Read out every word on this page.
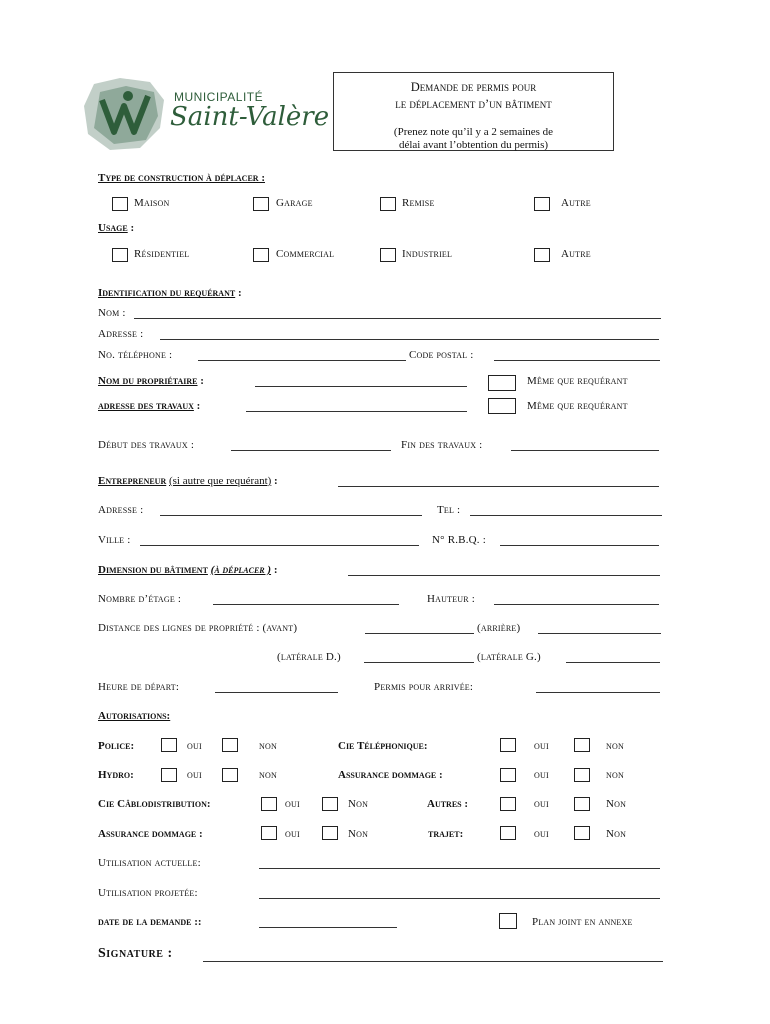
MUNICIPALITÉ
Saint-Valère
Demande de permis pour
le déplacement d’un bâtiment
(Prenez note qu’il y a 2 semaines de
délai avant l’obtention du permis)
Type de construction à déplacer :
Maison	Garage	Remise	Autre
Usage :
Résidentiel	Commercial	Industriel	Autre
Identification du requérant :
Nom :
Adresse :
No. téléphone :	Code postal :
Nom du propriétaire :	Même que requérant
adresse des travaux :	Même que requérant
Début des travaux :	Fin des travaux :
Entrepreneur (si autre que requérant) :
Adresse :	Tel :
Ville :	N° R.B.Q. :
Dimension du bâtiment (à déplacer ) :
Nombre d’étage :	Hauteur :
Distance des lignes de propriété : (avant)	(arrière)
(latérale D.)	(latérale G.)
Heure de départ:	Permis pour arrivée:
Autorisations:
Police:	oui	non	Cie Téléphonique:	oui	non
Hydro:	oui	non	Assurance dommage :	oui	non
Cie Câblodistribution:	oui	Non	Autres :	oui	Non
Assurance dommage :	oui	Non	trajet:	oui	Non
Utilisation actuelle:
Utilisation projetée:
date de la demande ::	Plan joint en annexe
Signature :
